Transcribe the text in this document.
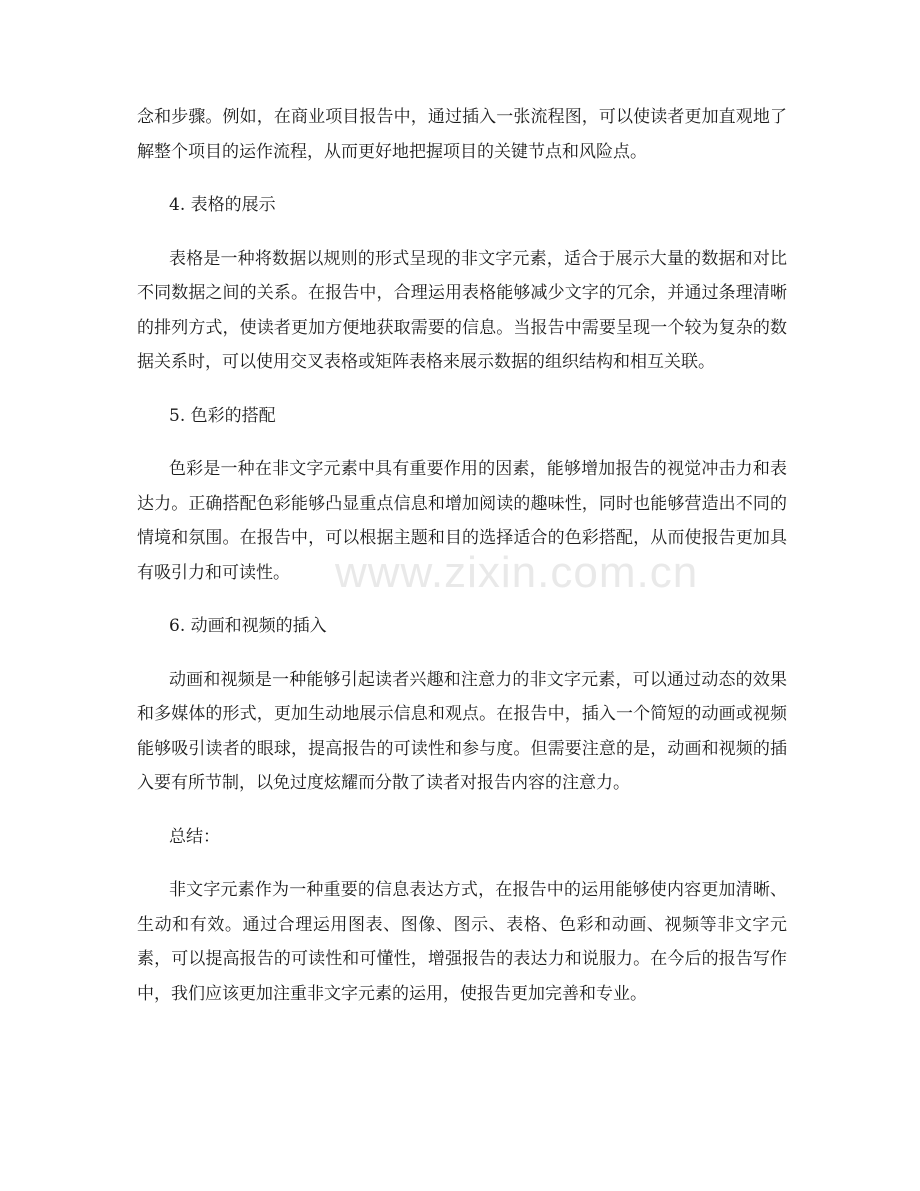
www.zixin.com.cn

念和步骤。例如，在商业项目报告中，通过插入一张流程图，可以使读者更加直观地了解整个项目的运作流程，从而更好地把握项目的关键节点和风险点。

4. 表格的展示

表格是一种将数据以规则的形式呈现的非文字元素，适合于展示大量的数据和对比不同数据之间的关系。在报告中，合理运用表格能够减少文字的冗余，并通过条理清晰的排列方式，使读者更加方便地获取需要的信息。当报告中需要呈现一个较为复杂的数据关系时，可以使用交叉表格或矩阵表格来展示数据的组织结构和相互关联。

5. 色彩的搭配

色彩是一种在非文字元素中具有重要作用的因素，能够增加报告的视觉冲击力和表达力。正确搭配色彩能够凸显重点信息和增加阅读的趣味性，同时也能够营造出不同的情境和氛围。在报告中，可以根据主题和目的选择适合的色彩搭配，从而使报告更加具有吸引力和可读性。

6. 动画和视频的插入

动画和视频是一种能够引起读者兴趣和注意力的非文字元素，可以通过动态的效果和多媒体的形式，更加生动地展示信息和观点。在报告中，插入一个简短的动画或视频能够吸引读者的眼球，提高报告的可读性和参与度。但需要注意的是，动画和视频的插入要有所节制，以免过度炫耀而分散了读者对报告内容的注意力。

总结：

非文字元素作为一种重要的信息表达方式，在报告中的运用能够使内容更加清晰、生动和有效。通过合理运用图表、图像、图示、表格、色彩和动画、视频等非文字元素，可以提高报告的可读性和可懂性，增强报告的表达力和说服力。在今后的报告写作中，我们应该更加注重非文字元素的运用，使报告更加完善和专业。
